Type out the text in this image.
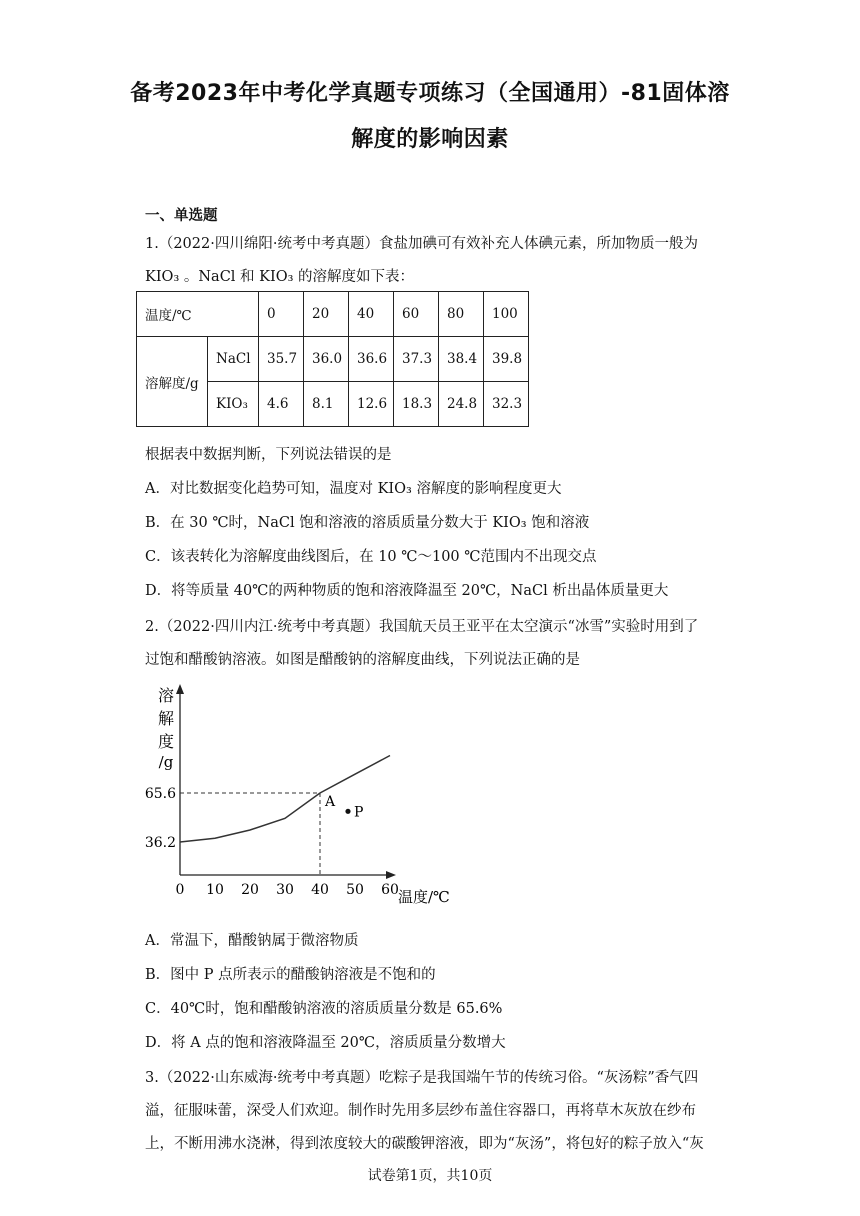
备考2023年中考化学真题专项练习（全国通用）-81固体溶
解度的影响因素
一、单选题
1.（2022·四川绵阳·统考中考真题）食盐加碘可有效补充人体碘元素，所加物质一般为
KIO₃ 。NaCl 和 KIO₃ 的溶解度如下表：
温度/℃		0	20	40	60	80	100
溶解度/g	NaCl	35.7	36.0	36.6	37.3	38.4	39.8
	KIO₃	4.6	8.1	12.6	18.3	24.8	32.3
根据表中数据判断，下列说法错误的是
A．对比数据变化趋势可知，温度对 KIO₃ 溶解度的影响程度更大
B．在 30 ℃时，NaCl 饱和溶液的溶质质量分数大于 KIO₃ 饱和溶液
C．该表转化为溶解度曲线图后，在 10 ℃～100 ℃范围内不出现交点
D．将等质量 40℃的两种物质的饱和溶液降温至 20℃，NaCl 析出晶体质量更大
2.（2022·四川内江·统考中考真题）我国航天员王亚平在太空演示“冰雪”实验时用到了
过饱和醋酸钠溶液。如图是醋酸钠的溶解度曲线，下列说法正确的是
溶
解
度
/g
温度/℃
0 10 20 30 40 50 60
36.2
65.6	A
P
A．常温下，醋酸钠属于微溶物质
B．图中 P 点所表示的醋酸钠溶液是不饱和的
C．40℃时，饱和醋酸钠溶液的溶质质量分数是 65.6%
D．将 A 点的饱和溶液降温至 20℃，溶质质量分数增大
3.（2022·山东威海·统考中考真题）吃粽子是我国端午节的传统习俗。“灰汤粽”香气四
溢，征服味蕾，深受人们欢迎。制作时先用多层纱布盖住容器口，再将草木灰放在纱布
上，不断用沸水浇淋，得到浓度较大的碳酸钾溶液，即为“灰汤”，将包好的粽子放入“灰
试卷第1页，共10页
